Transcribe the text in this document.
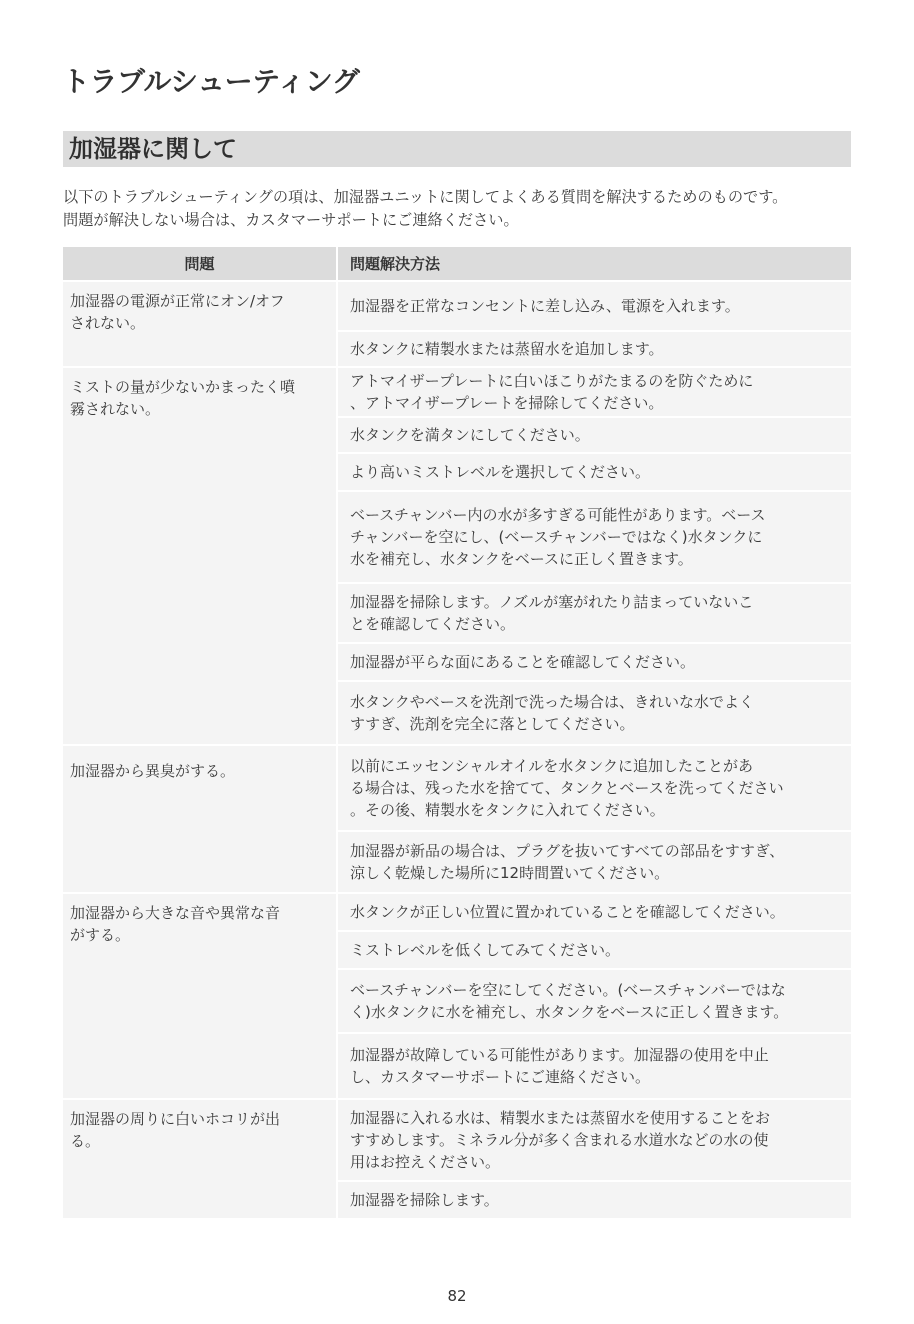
トラブルシューティング
加湿器に関して
以下のトラブルシューティングの項は、加湿器ユニットに関してよくある質問を解決するためのものです。
問題が解決しない場合は、カスタマーサポートにご連絡ください。
問題	問題解決方法
加湿器の電源が正常にオン/オフ
されない。
加湿器を正常なコンセントに差し込み、電源を入れます。
水タンクに精製水または蒸留水を追加します。
ミストの量が少ないかまったく噴
霧されない。
アトマイザープレートに白いほこりがたまるのを防ぐために
、アトマイザープレートを掃除してください。
水タンクを満タンにしてください。
より高いミストレベルを選択してください。
ベースチャンバー内の水が多すぎる可能性があります。ベース
チャンバーを空にし、(ベースチャンバーではなく)水タンクに
水を補充し、水タンクをベースに正しく置きます。
加湿器を掃除します。ノズルが塞がれたり詰まっていないこ
とを確認してください。
加湿器が平らな面にあることを確認してください。
水タンクやベースを洗剤で洗った場合は、きれいな水でよく
すすぎ、洗剤を完全に落としてください。
加湿器から異臭がする。	以前にエッセンシャルオイルを水タンクに追加したことがあ
る場合は、残った水を捨てて、タンクとベースを洗ってください
。その後、精製水をタンクに入れてください。
加湿器が新品の場合は、プラグを抜いてすべての部品をすすぎ、
涼しく乾燥した場所に12時間置いてください。
加湿器から大きな音や異常な音
がする。
水タンクが正しい位置に置かれていることを確認してください。
ミストレベルを低くしてみてください。
ベースチャンバーを空にしてください。(ベースチャンバーではな
く)水タンクに水を補充し、水タンクをベースに正しく置きます。
加湿器が故障している可能性があります。加湿器の使用を中止
し、カスタマーサポートにご連絡ください。
加湿器の周りに白いホコリが出
る。
加湿器に入れる水は、精製水または蒸留水を使用することをお
すすめします。ミネラル分が多く含まれる水道水などの水の使
用はお控えください。
加湿器を掃除します。
82
